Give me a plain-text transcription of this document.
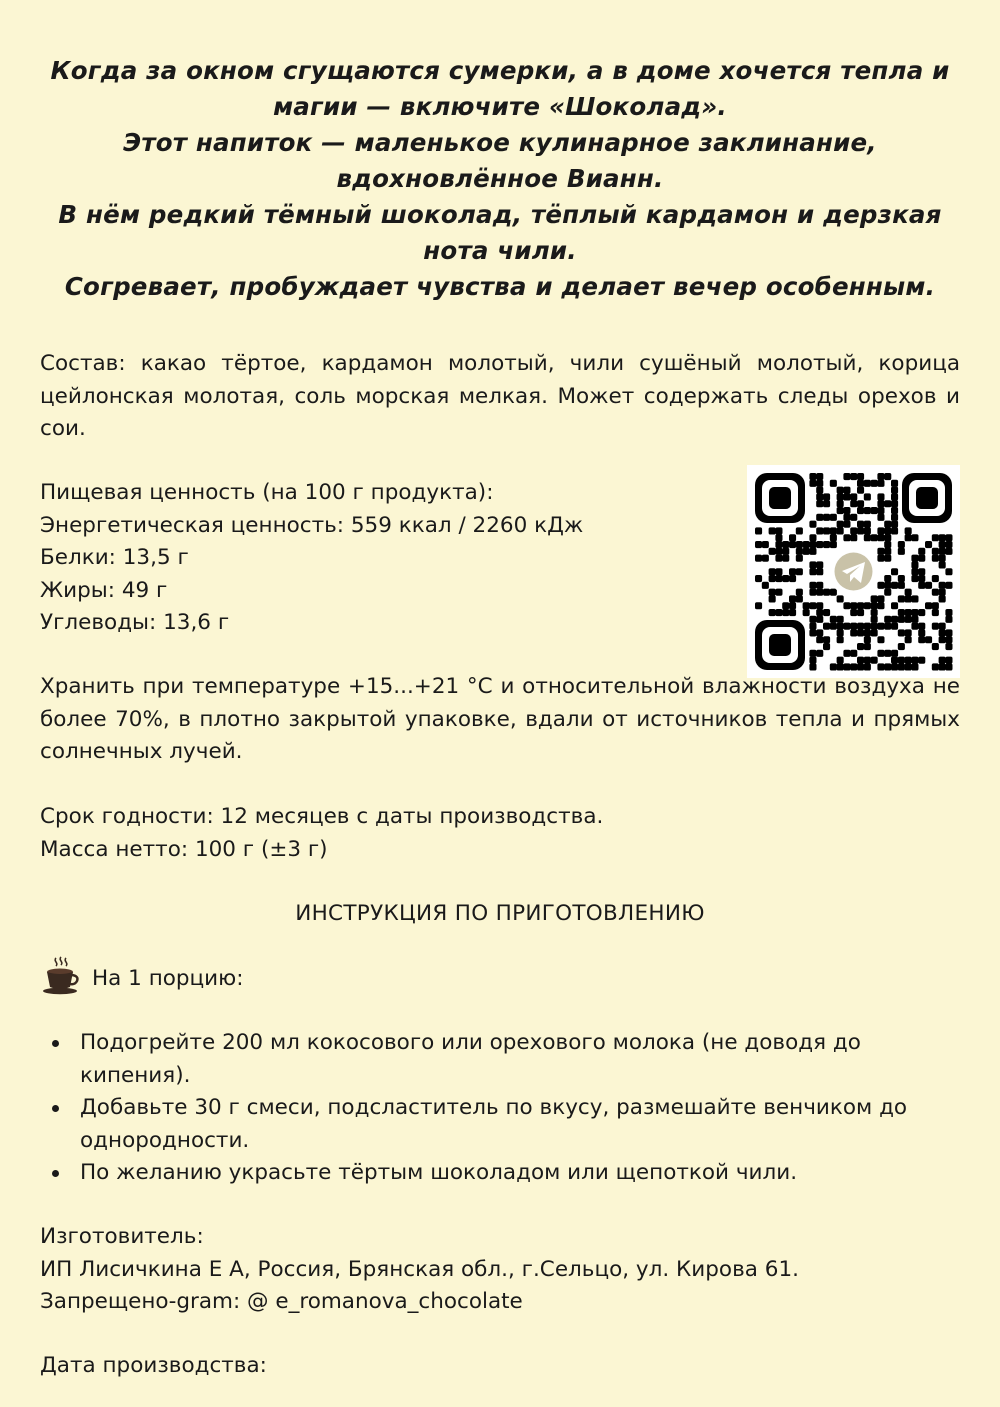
Когда за окном сгущаются сумерки, а в доме хочется тепла и
магии — включите «Шоколад».
Этот напиток — маленькое кулинарное заклинание,
вдохновлённое Вианн.
В нём редкий тёмный шоколад, тёплый кардамон и дерзкая
нота чили.
Согревает, пробуждает чувства и делает вечер особенным.
Состав: какао тёртое, кардамон молотый, чили сушёный молотый, корица цейлонская молотая, соль морская мелкая. Может содержать следы орехов и сои.
Пищевая ценность (на 100 г продукта):
Энергетическая ценность: 559 ккал / 2260 кДж
Белки: 13,5 г
Жиры: 49 г
Углеводы: 13,6 г
Хранить при температуре +15...+21 °С и относительной влажности воздуха не более 70%, в плотно закрытой упаковке, вдали от источников тепла и прямых солнечных лучей.
Срок годности: 12 месяцев с даты производства.
Масса нетто: 100 г (±3 г)
ИНСТРУКЦИЯ ПО ПРИГОТОВЛЕНИЮ
На 1 порцию:
Подогрейте 200 мл кокосового или орехового молока (не доводя до кипения).
Добавьте 30 г смеси, подсластитель по вкусу, размешайте венчиком до однородности.
По желанию украсьте тёртым шоколадом или щепоткой чили.
Изготовитель:
ИП Лисичкина Е А, Россия, Брянская обл., г.Сельцо, ул. Кирова 61.
Запрещено-gram: @ e_romanova_chocolate
Дата производства:
